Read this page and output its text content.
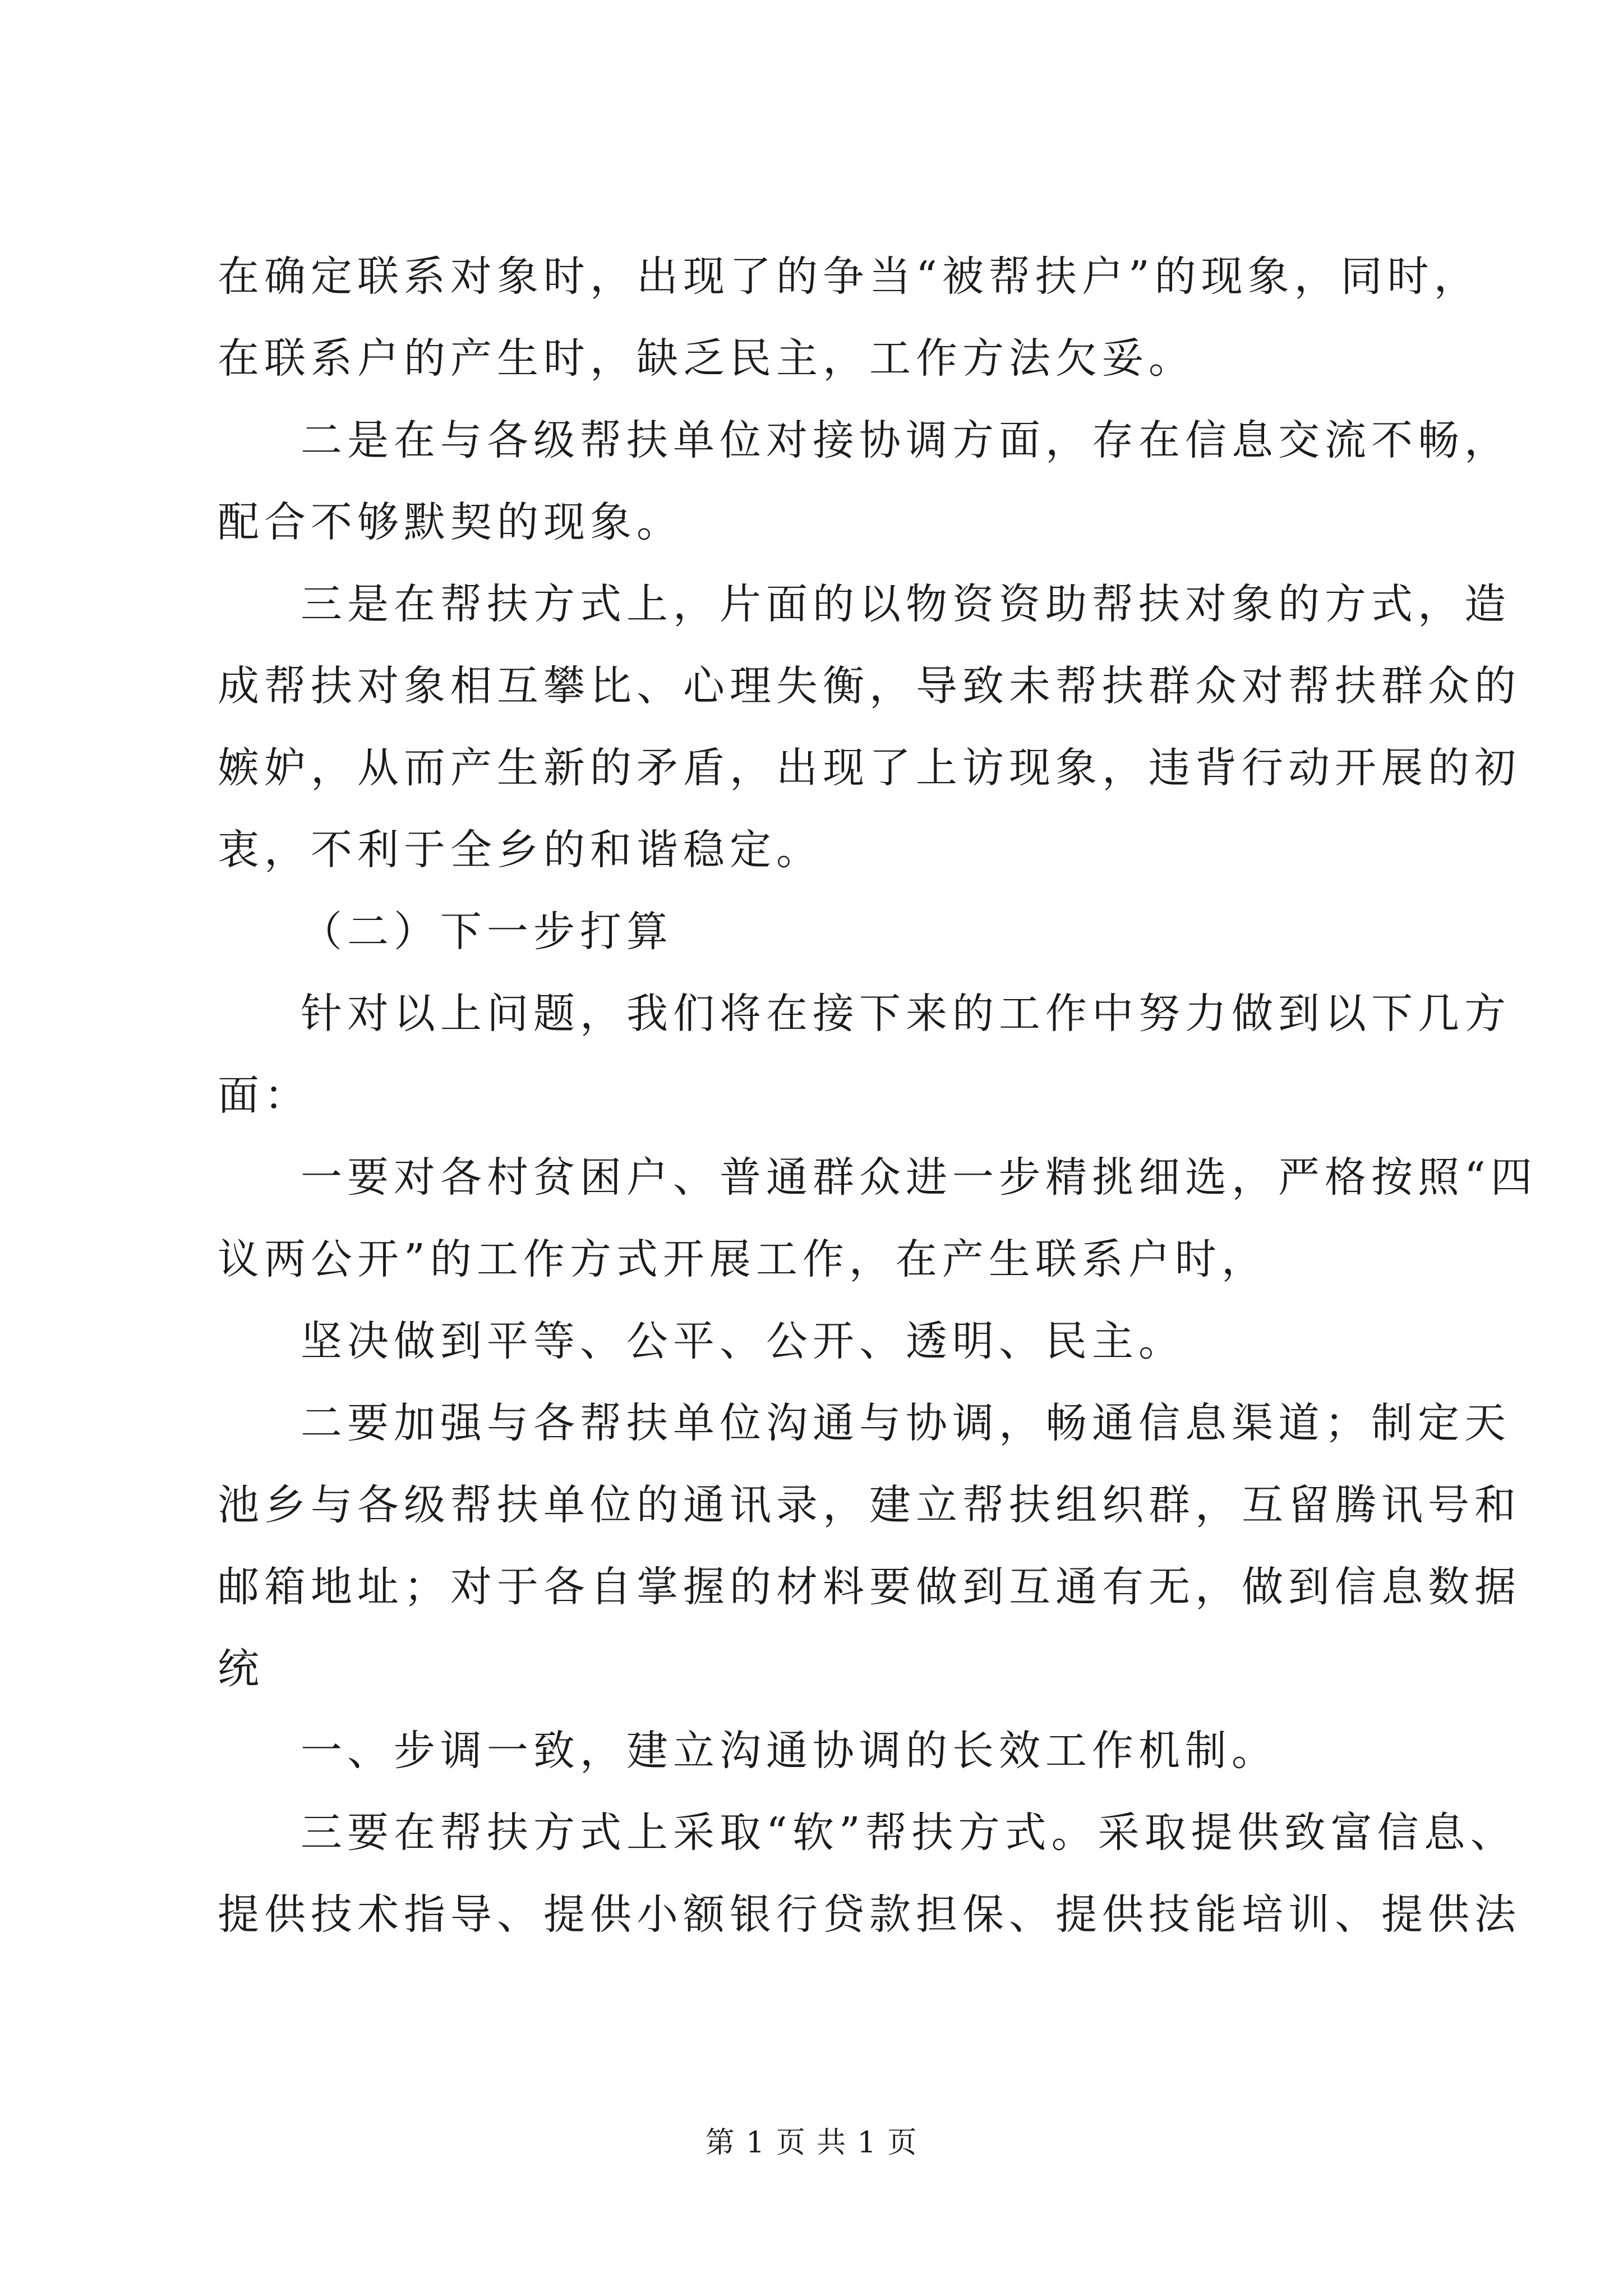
在确定联系对象时，出现了的争当“被帮扶户”的现象，同时，
在联系户的产生时，缺乏民主，工作方法欠妥。
二是在与各级帮扶单位对接协调方面，存在信息交流不畅，
配合不够默契的现象。
三是在帮扶方式上，片面的以物资资助帮扶对象的方式，造
成帮扶对象相互攀比、心理失衡，导致未帮扶群众对帮扶群众的
嫉妒，从而产生新的矛盾，出现了上访现象，违背行动开展的初
衷，不利于全乡的和谐稳定。
（二）下一步打算
针对以上问题，我们将在接下来的工作中努力做到以下几方
面：
一要对各村贫困户、普通群众进一步精挑细选，严格按照“四
议两公开”的工作方式开展工作，在产生联系户时，
坚决做到平等、公平、公开、透明、民主。
二要加强与各帮扶单位沟通与协调，畅通信息渠道；制定天
池乡与各级帮扶单位的通讯录，建立帮扶组织群，互留腾讯号和
邮箱地址；对于各自掌握的材料要做到互通有无，做到信息数据
统
一、步调一致，建立沟通协调的长效工作机制。
三要在帮扶方式上采取“软”帮扶方式。采取提供致富信息、
提供技术指导、提供小额银行贷款担保、提供技能培训、提供法
第 1 页 共 1 页
